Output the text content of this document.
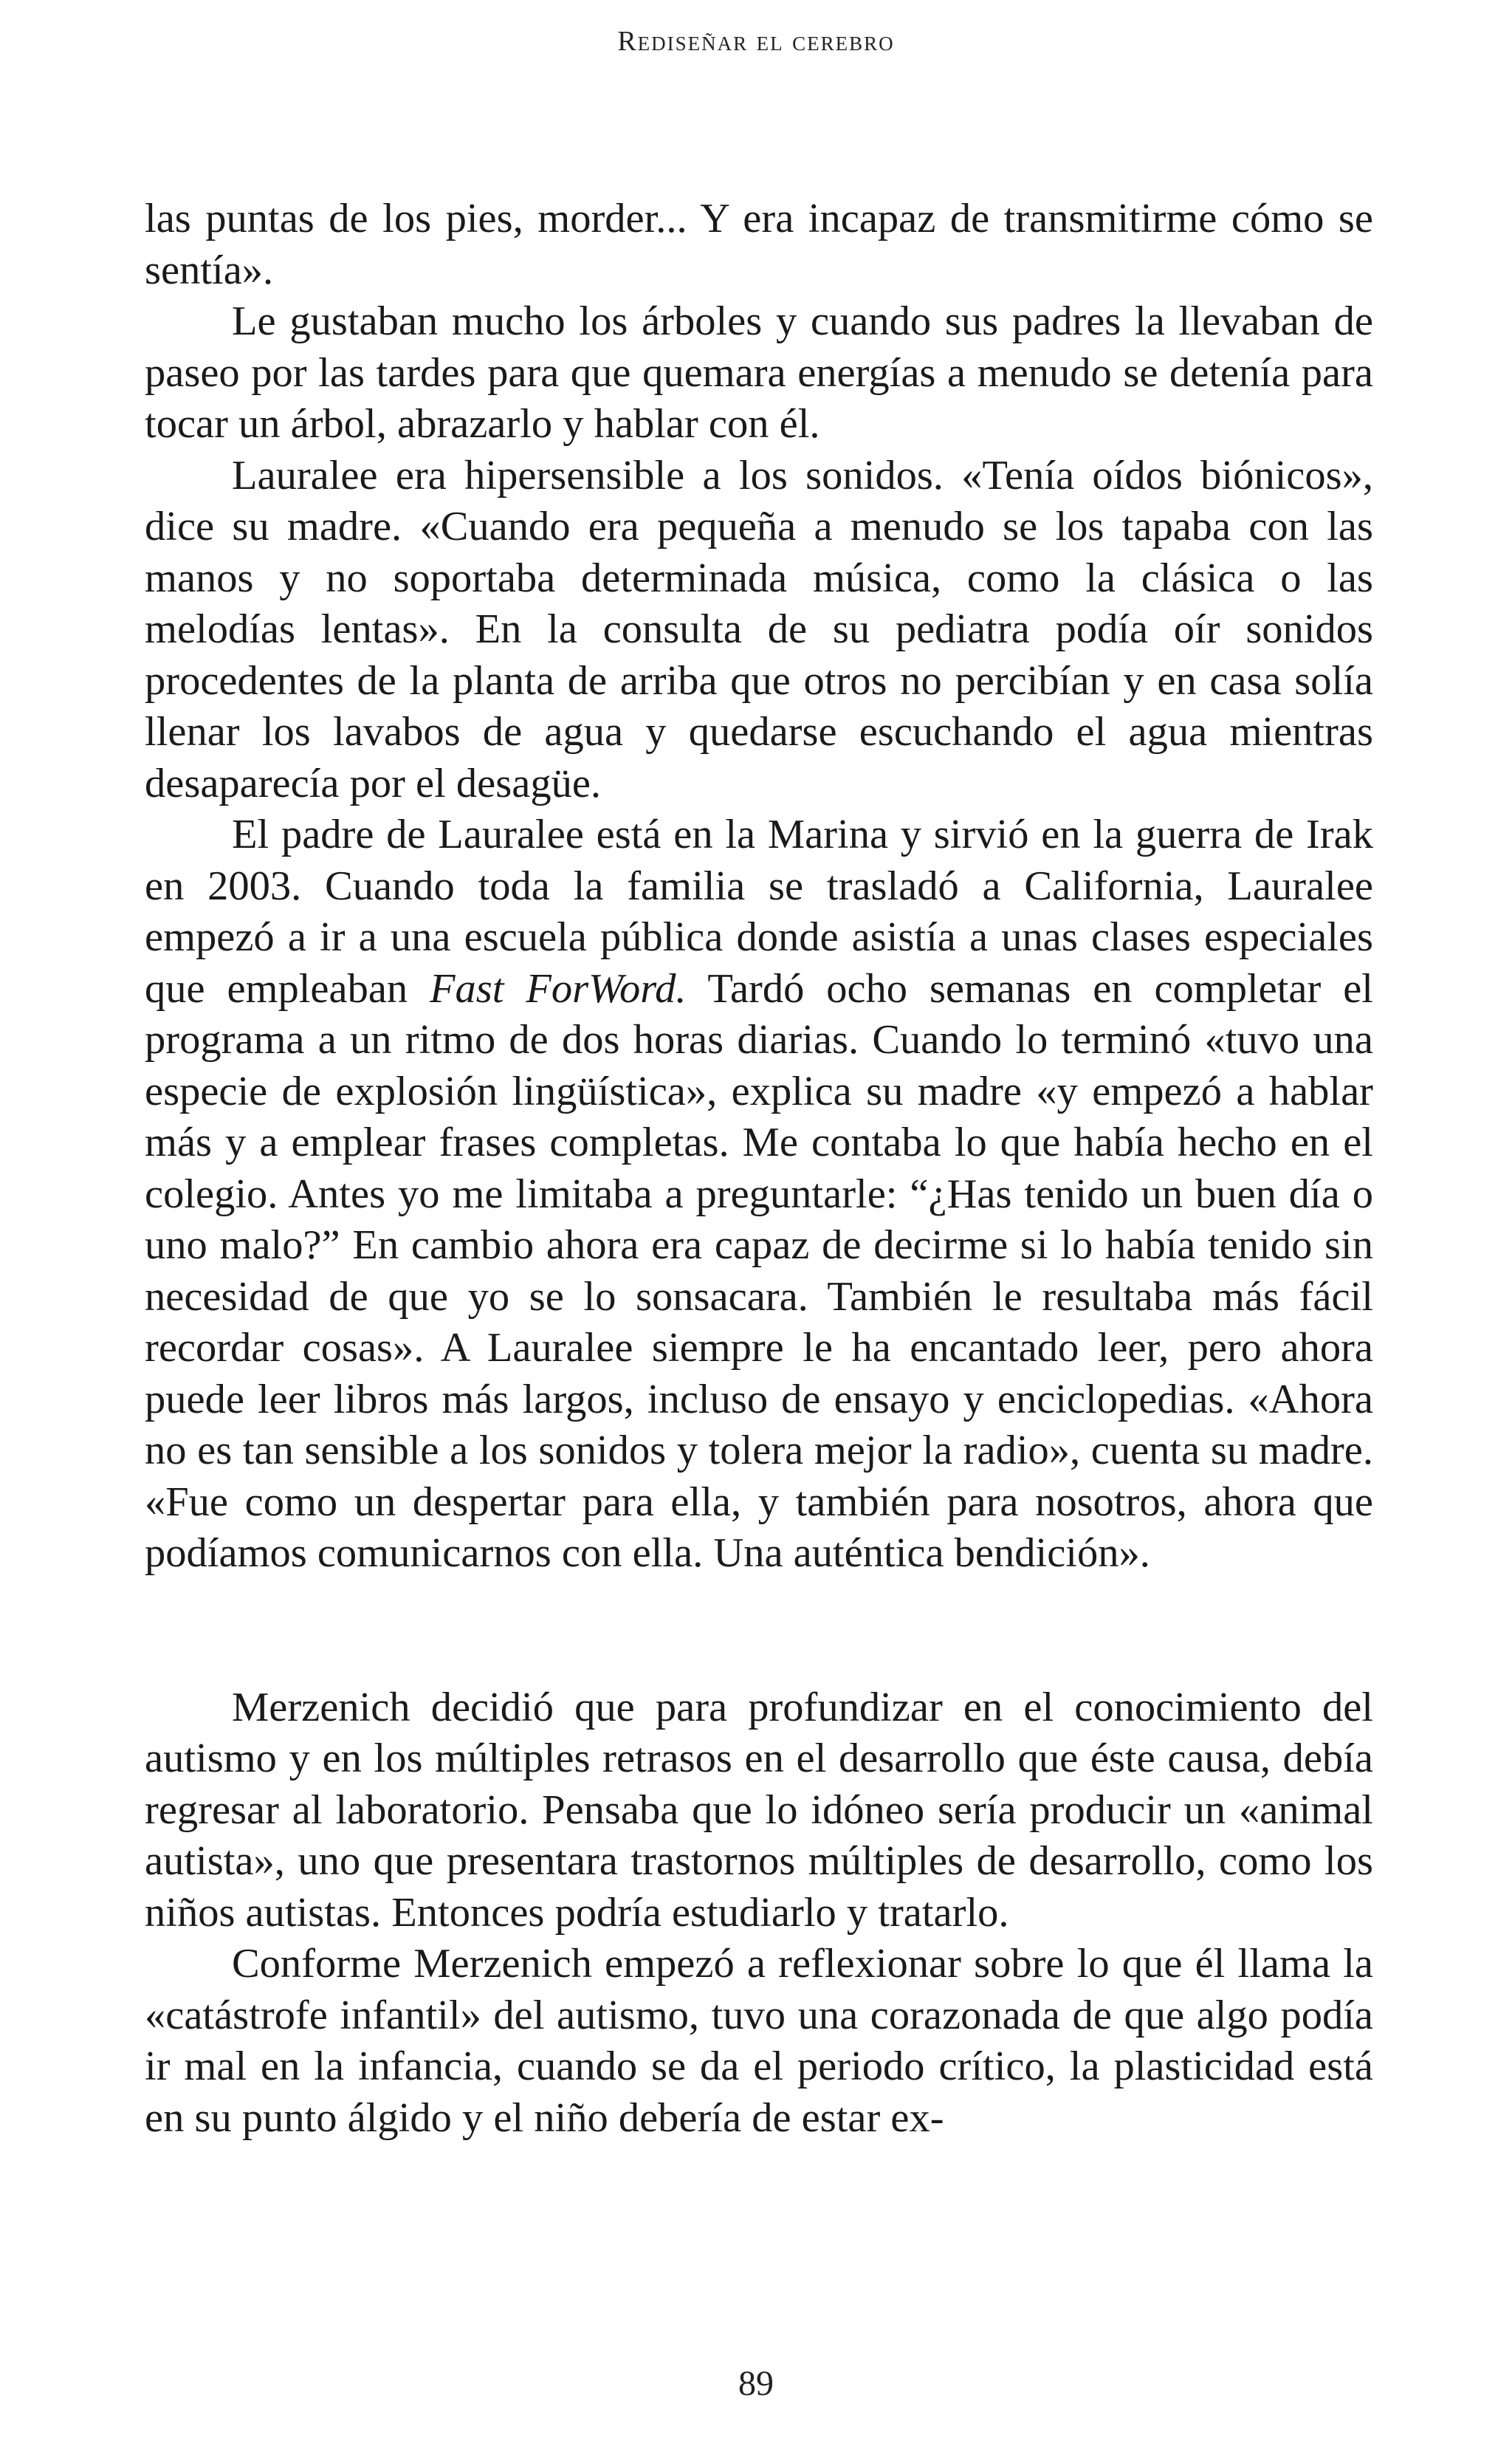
Rediseñar el cerebro

las puntas de los pies, morder... Y era incapaz de transmitirme cómo se sentía».

Le gustaban mucho los árboles y cuando sus padres la llevaban de paseo por las tardes para que quemara energías a menudo se detenía para tocar un árbol, abrazarlo y hablar con él.

Lauralee era hipersensible a los sonidos. «Tenía oídos biónicos», dice su madre. «Cuando era pequeña a menudo se los tapaba con las manos y no soportaba determinada música, como la clásica o las melodías lentas». En la consulta de su pediatra podía oír sonidos procedentes de la planta de arriba que otros no percibían y en casa solía llenar los lavabos de agua y quedarse escuchando el agua mientras desaparecía por el desagüe.

El padre de Lauralee está en la Marina y sirvió en la guerra de Irak en 2003. Cuando toda la familia se trasladó a California, Lauralee empezó a ir a una escuela pública donde asistía a unas clases especiales que empleaban Fast ForWord. Tardó ocho semanas en completar el programa a un ritmo de dos horas diarias. Cuando lo terminó «tuvo una especie de explosión lingüística», explica su madre «y empezó a hablar más y a emplear frases completas. Me contaba lo que había hecho en el colegio. Antes yo me limitaba a preguntarle: “¿Has tenido un buen día o uno malo?” En cambio ahora era capaz de decirme si lo había tenido sin necesidad de que yo se lo sonsacara. También le resultaba más fácil recordar cosas». A Lauralee siempre le ha encantado leer, pero ahora puede leer libros más largos, incluso de ensayo y enciclopedias. «Ahora no es tan sensible a los sonidos y tolera mejor la radio», cuenta su madre. «Fue como un despertar para ella, y también para nosotros, ahora que podíamos comunicarnos con ella. Una auténtica bendición».

Merzenich decidió que para profundizar en el conocimiento del autismo y en los múltiples retrasos en el desarrollo que éste causa, debía regresar al laboratorio. Pensaba que lo idóneo sería producir un «animal autista», uno que presentara trastornos múltiples de desarrollo, como los niños autistas. Entonces podría estudiarlo y tratarlo.

Conforme Merzenich empezó a reflexionar sobre lo que él llama la «catástrofe infantil» del autismo, tuvo una corazonada de que algo podía ir mal en la infancia, cuando se da el periodo crítico, la plasticidad está en su punto álgido y el niño debería de estar ex-

89
